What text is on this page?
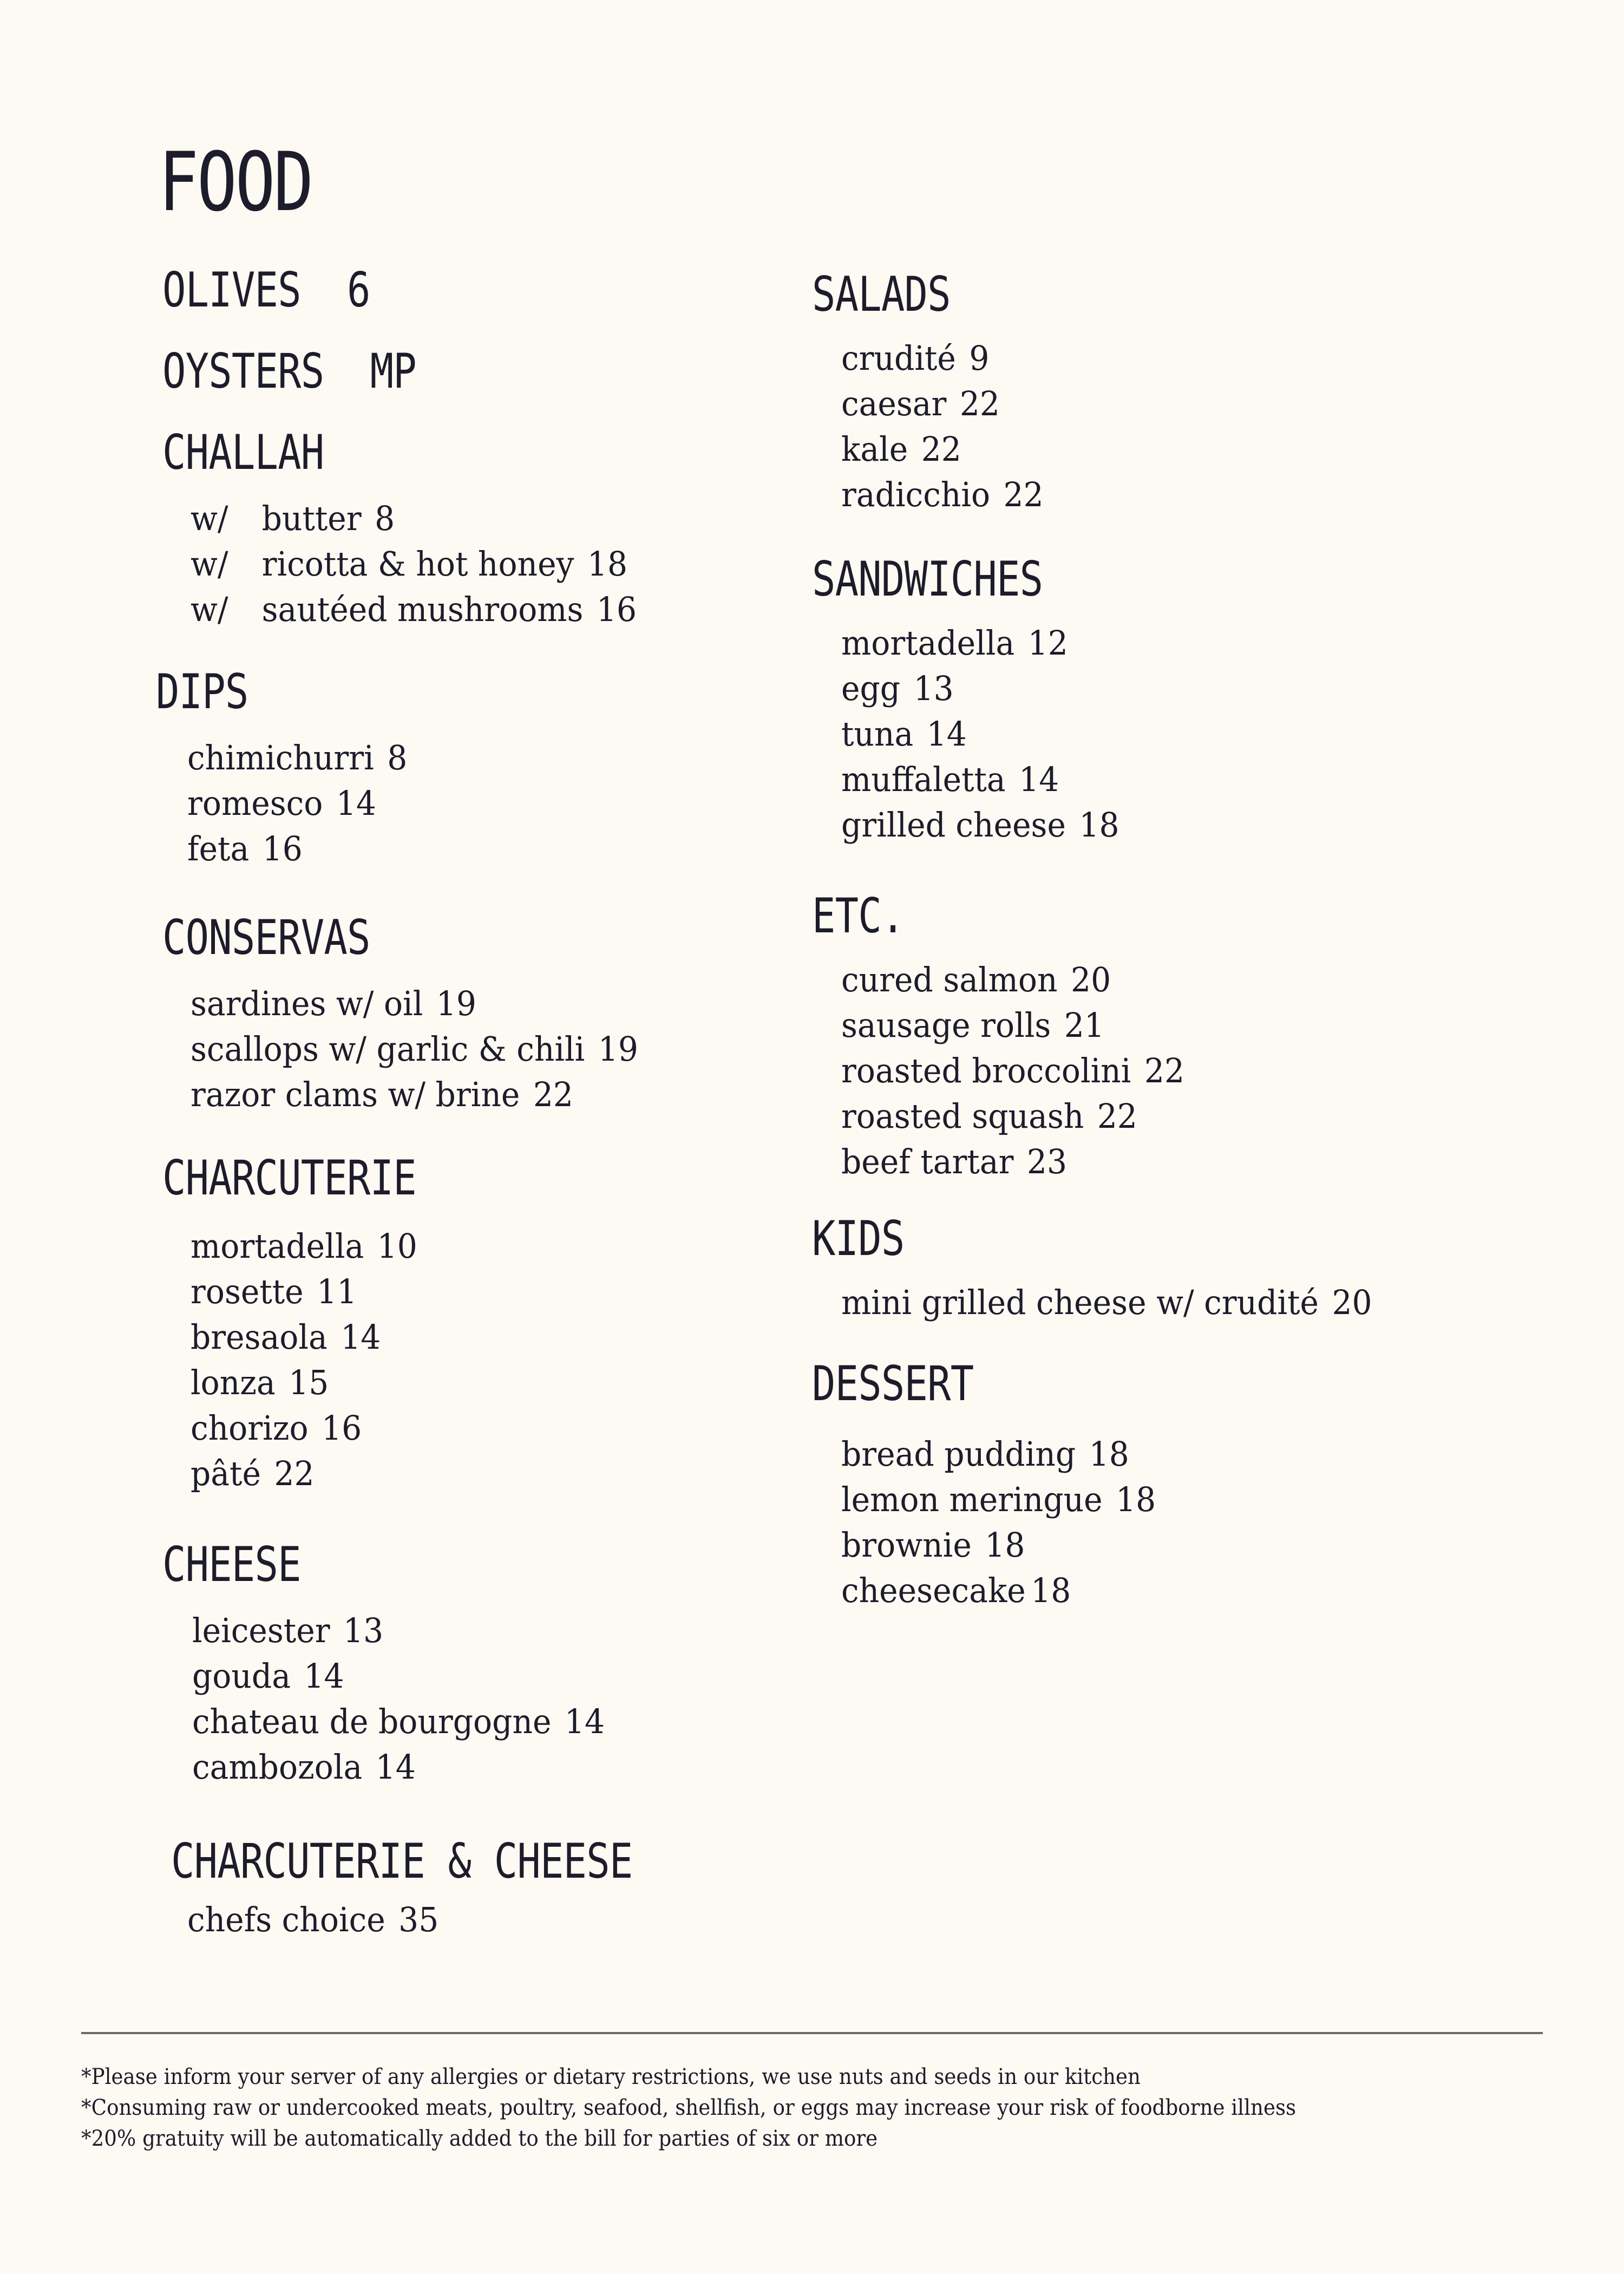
FOOD
OLIVES 6
OYSTERS MP
CHALLAH
w/ butter 8
w/ ricotta & hot honey 18
w/ sautéed mushrooms 16
DIPS
chimichurri 8
romesco 14
feta 16
CONSERVAS
sardines w/ oil 19
scallops w/ garlic & chili 19
razor clams w/ brine 22
CHARCUTERIE
mortadella 10
rosette 11
bresaola 14
lonza 15
chorizo 16
pâté 22
CHEESE
leicester 13
gouda 14
chateau de bourgogne 14
cambozola 14
CHARCUTERIE & CHEESE
chefs choice 35
SALADS
crudité 9
caesar 22
kale 22
radicchio 22
SANDWICHES
mortadella 12
egg 13
tuna 14
muffaletta 14
grilled cheese 18
ETC.
cured salmon 20
sausage rolls 21
roasted broccolini 22
roasted squash 22
beef tartar 23
KIDS
mini grilled cheese w/ crudité 20
DESSERT
bread pudding 18
lemon meringue 18
brownie 18
cheesecake 18
*Please inform your server of any allergies or dietary restrictions, we use nuts and seeds in our kitchen
*Consuming raw or undercooked meats, poultry, seafood, shellfish, or eggs may increase your risk of foodborne illness
*20% gratuity will be automatically added to the bill for parties of six or more
